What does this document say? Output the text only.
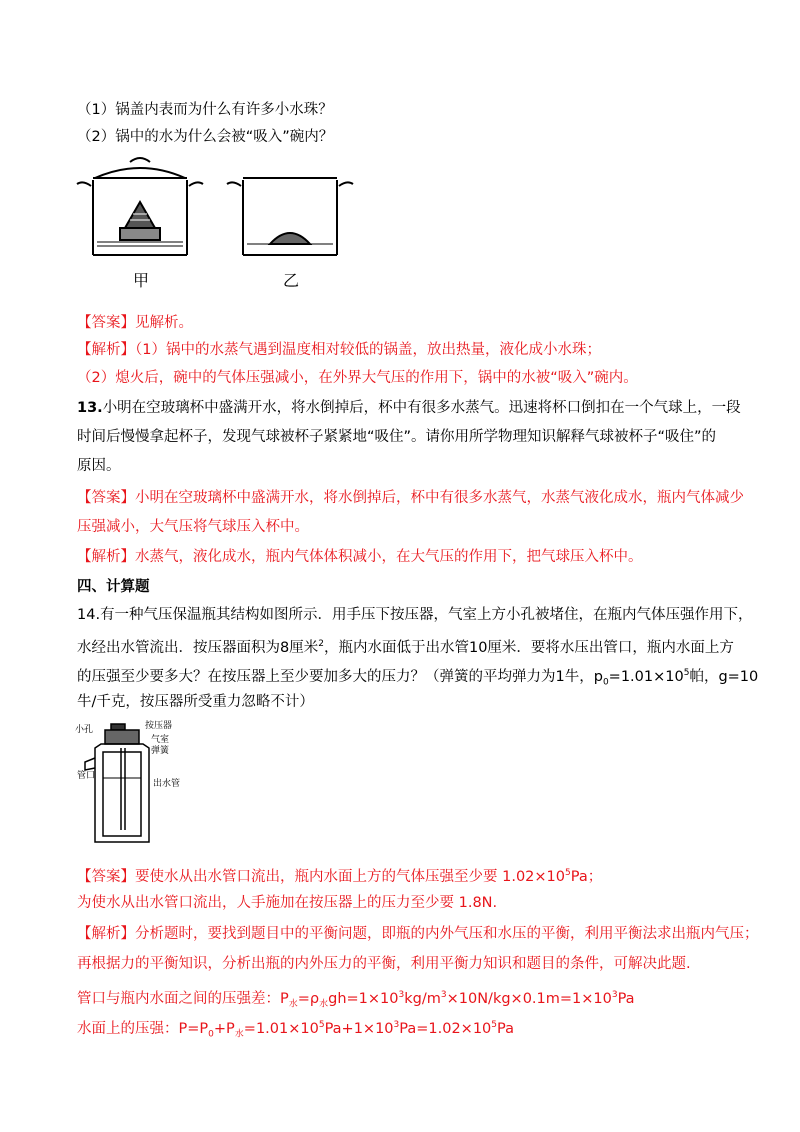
（1）锅盖内表而为什么有许多小水珠？
（2）锅中的水为什么会被“吸入”碗内？
甲	乙
【答案】见解析。
【解析】（1）锅中的水蒸气遇到温度相对较低的锅盖，放出热量，液化成小水珠；
（2）熄火后，碗中的气体压强减小，在外界大气压的作用下，锅中的水被“吸入”碗内。
13.小明在空玻璃杯中盛满开水，将水倒掉后，杯中有很多水蒸气。迅速将杯口倒扣在一个气球上，一段
时间后慢慢拿起杯子，发现气球被杯子紧紧地“吸住”。请你用所学物理知识解释气球被杯子“吸住”的
原因。
【答案】小明在空玻璃杯中盛满开水，将水倒掉后，杯中有很多水蒸气，水蒸气液化成水，瓶内气体减少
压强减小，大气压将气球压入杯中。
【解析】水蒸气，液化成水，瓶内气体体积减小，在大气压的作用下，把气球压入杯中。
四、计算题
14.有一种气压保温瓶其结构如图所示．用手压下按压器，气室上方小孔被堵住，在瓶内气体压强作用下，
水经出水管流出．按压器面积为8厘米$^2$，瓶内水面低于出水管10厘米．要将水压出管口，瓶内水面上方
的压强至少要多大？在按压器上至少要加多大的压力？（弹簧的平均弹力为1牛，$p_0=1.01\times 10^5$帕，g=10
牛/千克，按压器所受重力忽略不计）
小孔	按压器
气室
弹簧
管口
出水管
【答案】要使水从出水管口流出，瓶内水面上方的气体压强至少要 $1.02\times 10^5Pa$；
为使水从出水管口流出，人手施加在按压器上的压力至少要 1.8N.
【解析】分析题时，要找到题目中的平衡问题，即瓶的内外气压和水压的平衡，利用平衡法求出瓶内气压；
再根据力的平衡知识，分析出瓶的内外压力的平衡，利用平衡力知识和题目的条件，可解决此题.
管口与瓶内水面之间的压强差：$P_水=\rho_水gh=1\times 10^3kg/m^3\times 10N/kg\times 0.1m=1\times 10^3Pa$
水面上的压强：$P=P_0+P_水=1.01\times 10^5Pa+1\times 10^3Pa=1.02\times 10^5Pa$
